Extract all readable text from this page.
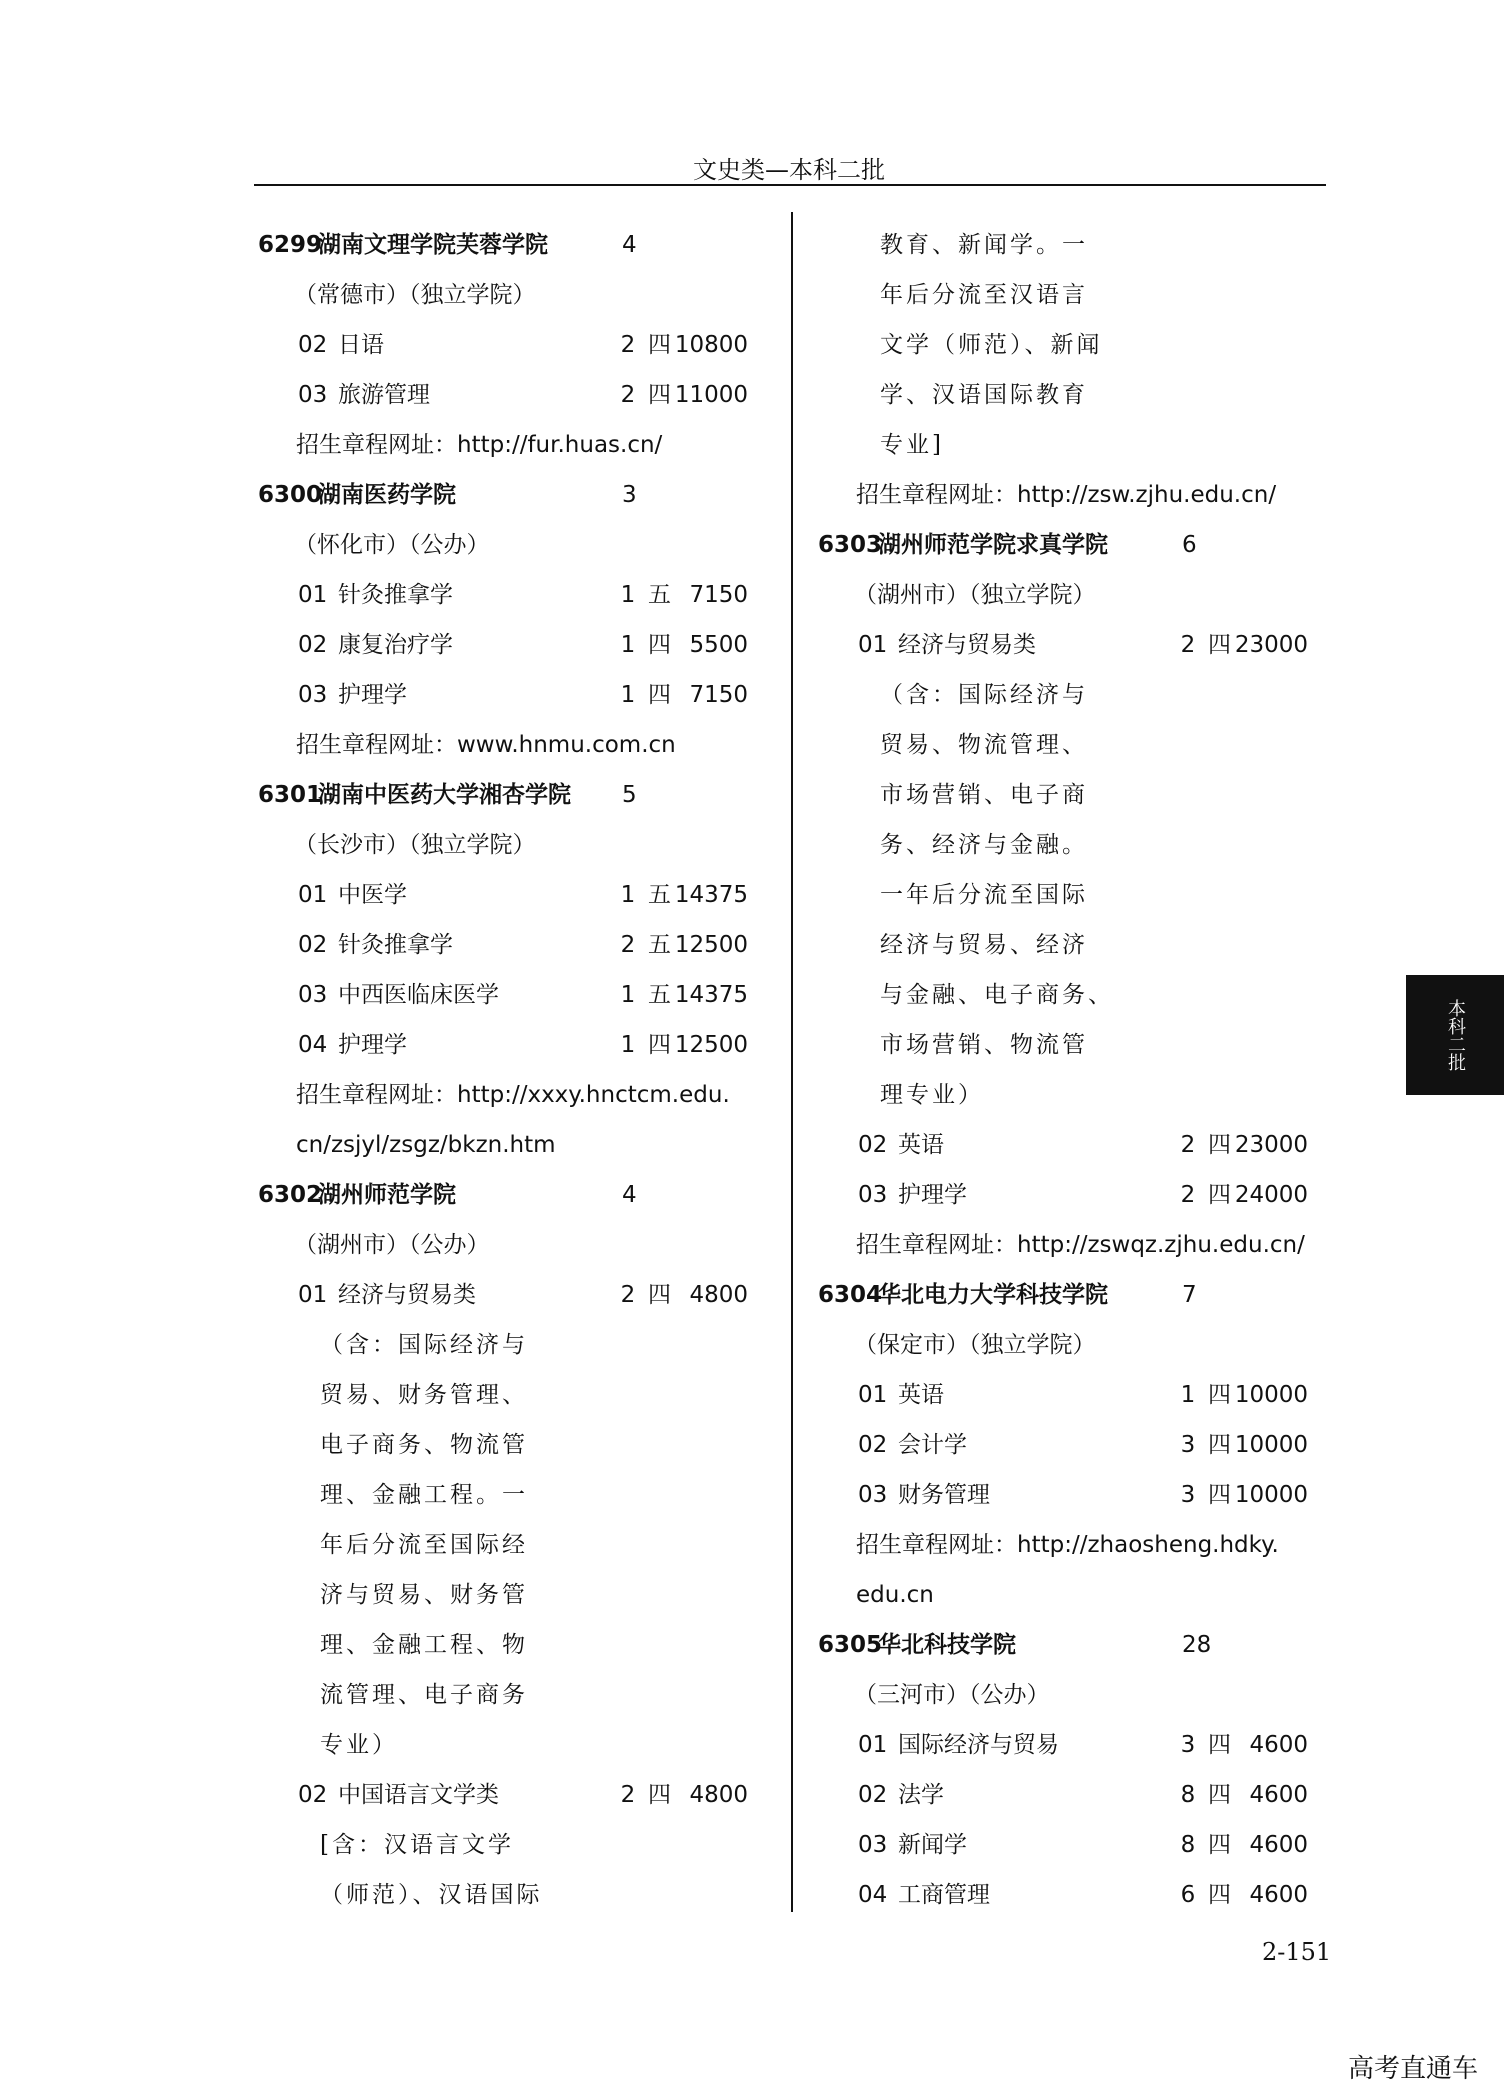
文史类—本科二批
6299湖南文理学院芙蓉学院	4
（常德市）（独立学院）
02 日语	2 四 10800
03 旅游管理	2 四 11000
招生章程网址：http://fur.huas.cn/
6300湖南医药学院	3
（怀化市）（公办）
01 针灸推拿学	1 五 7150
02 康复治疗学	1 四 5500
03 护理学	1 四 7150
招生章程网址：www.hnmu.com.cn
6301湖南中医药大学湘杏学院 5
（长沙市）（独立学院）
01 中医学	1 五 14375
02 针灸推拿学	2 五 12500
03 中西医临床医学	1 五 14375
04 护理学	1 四 12500
招生章程网址：http://xxxy.hnctcm.edu.
cn/zsjyl/zsgz/bkzn.htm
6302湖州师范学院	4
（湖州市）（公办）
01 经济与贸易类	2 四 4800
（含：国际经济与
贸易、财务管理、
电子商务、物流管
理、金融工程。一
年后分流至国际经
济与贸易、财务管
理、金融工程、物
流管理、电子商务
专业）
02 中国语言文学类	2 四 4800
[含：汉语言文学
（师范）、汉语国际
教育、新闻学。一
年后分流至汉语言
文学（师范）、新闻
学、汉语国际教育
专业]
招生章程网址：http://zsw.zjhu.edu.cn/
6303湖州师范学院求真学院	6
（湖州市）（独立学院）
01 经济与贸易类	2 四 23000
（含：国际经济与
贸易、物流管理、
市场营销、电子商
务、经济与金融。
一年后分流至国际
经济与贸易、经济
与金融、电子商务、
市场营销、物流管
理专业）
02 英语	2 四 23000
03 护理学	2 四 24000
招生章程网址：http://zswqz.zjhu.edu.cn/
6304华北电力大学科技学院	7
（保定市）（独立学院）
01 英语	1 四 10000
02 会计学	3 四 10000
03 财务管理	3 四 10000
招生章程网址：http://zhaosheng.hdky.
edu.cn
6305华北科技学院	28
（三河市）（公办）
01 国际经济与贸易	3 四 4600
02 法学	8 四 4600
03 新闻学	8 四 4600
04 工商管理	6 四 4600
本科二批
2-151
高考直通车
